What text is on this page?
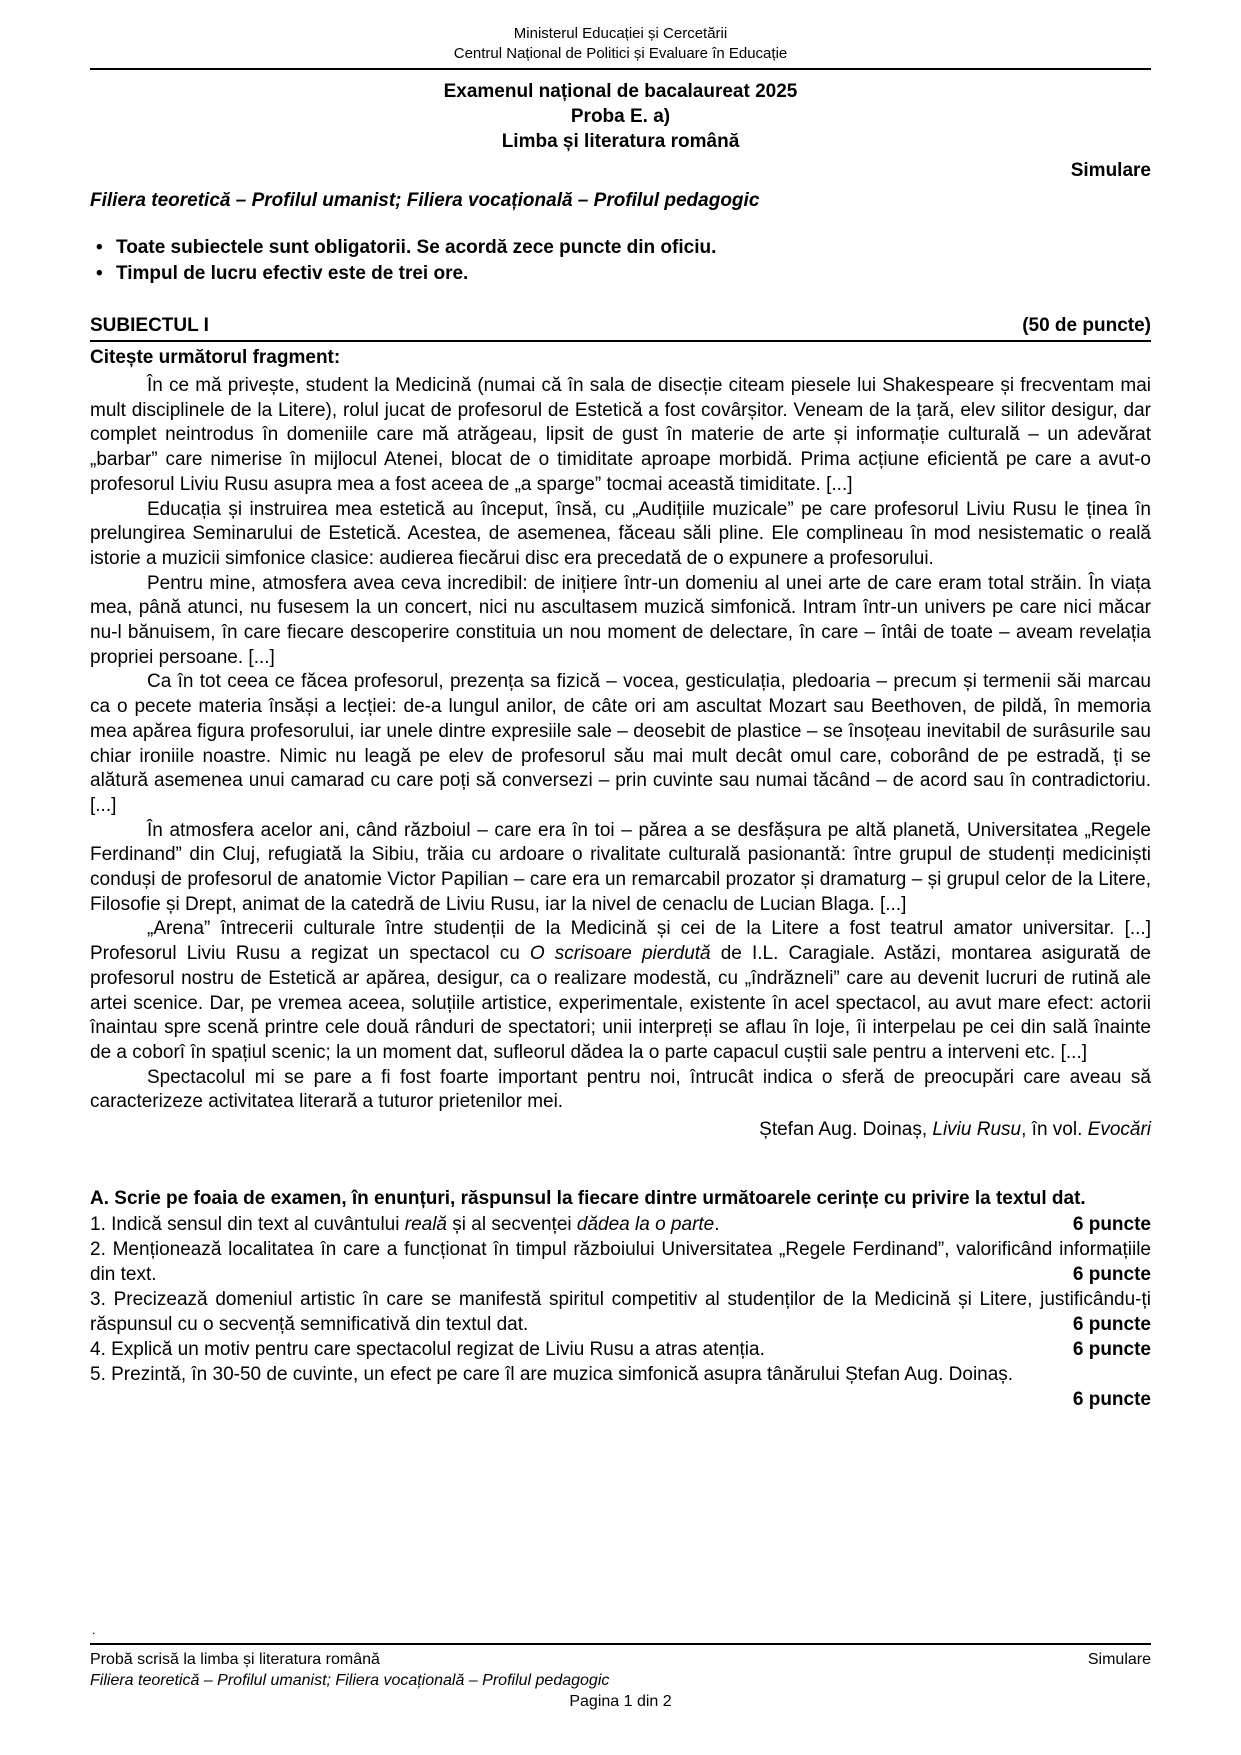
Ministerul Educației și Cercetării
Centrul Național de Politici și Evaluare în Educație
Examenul național de bacalaureat 2025
Proba E. a)
Limba și literatura română
Simulare
Filiera teoretică – Profilul umanist; Filiera vocațională – Profilul pedagogic
• Toate subiectele sunt obligatorii. Se acordă zece puncte din oficiu.
• Timpul de lucru efectiv este de trei ore.
SUBIECTUL I	(50 de puncte)
Citește următorul fragment:
În ce mă privește, student la Medicină (numai că în sala de disecție citeam piesele lui Shakespeare și frecventam mai mult disciplinele de la Litere), rolul jucat de profesorul de Estetică a fost covârșitor. Veneam de la țară, elev silitor desigur, dar complet neintrodus în domeniile care mă atrăgeau, lipsit de gust în materie de arte și informație culturală – un adevărat „barbar” care nimerise în mijlocul Atenei, blocat de o timiditate aproape morbidă. Prima acțiune eficientă pe care a avut-o profesorul Liviu Rusu asupra mea a fost aceea de „a sparge” tocmai această timiditate. [...]
Educația și instruirea mea estetică au început, însă, cu „Audițiile muzicale” pe care profesorul Liviu Rusu le ținea în prelungirea Seminarului de Estetică. Acestea, de asemenea, făceau săli pline. Ele complineau în mod nesistematic o reală istorie a muzicii simfonice clasice: audierea fiecărui disc era precedată de o expunere a profesorului.
Pentru mine, atmosfera avea ceva incredibil: de inițiere într-un domeniu al unei arte de care eram total străin. În viața mea, până atunci, nu fusesem la un concert, nici nu ascultasem muzică simfonică. Intram într-un univers pe care nici măcar nu-l bănuisem, în care fiecare descoperire constituia un nou moment de delectare, în care – întâi de toate – aveam revelația propriei persoane. [...]
Ca în tot ceea ce făcea profesorul, prezența sa fizică – vocea, gesticulația, pledoaria – precum și termenii săi marcau ca o pecete materia însăși a lecției: de-a lungul anilor, de câte ori am ascultat Mozart sau Beethoven, de pildă, în memoria mea apărea figura profesorului, iar unele dintre expresiile sale – deosebit de plastice – se însoțeau inevitabil de surâsurile sau chiar ironiile noastre. Nimic nu leagă pe elev de profesorul său mai mult decât omul care, coborând de pe estradă, ți se alătură asemenea unui camarad cu care poți să conversezi – prin cuvinte sau numai tăcând – de acord sau în contradictoriu. [...]
În atmosfera acelor ani, când războiul – care era în toi – părea a se desfășura pe altă planetă, Universitatea „Regele Ferdinand” din Cluj, refugiată la Sibiu, trăia cu ardoare o rivalitate culturală pasionantă: între grupul de studenți mediciniști conduși de profesorul de anatomie Victor Papilian – care era un remarcabil prozator și dramaturg – și grupul celor de la Litere, Filosofie și Drept, animat de la catedră de Liviu Rusu, iar la nivel de cenaclu de Lucian Blaga. [...]
„Arena” întrecerii culturale între studenții de la Medicină și cei de la Litere a fost teatrul amator universitar. [...] Profesorul Liviu Rusu a regizat un spectacol cu O scrisoare pierdută de I.L. Caragiale. Astăzi, montarea asigurată de profesorul nostru de Estetică ar apărea, desigur, ca o realizare modestă, cu „îndrăzneli” care au devenit lucruri de rutină ale artei scenice. Dar, pe vremea aceea, soluțiile artistice, experimentale, existente în acel spectacol, au avut mare efect: actorii înaintau spre scenă printre cele două rânduri de spectatori; unii interpreți se aflau în loje, îi interpelau pe cei din sală înainte de a coborî în spațiul scenic; la un moment dat, sufleorul dădea la o parte capacul cuștii sale pentru a interveni etc. [...]
Spectacolul mi se pare a fi fost foarte important pentru noi, întrucât indica o sferă de preocupări care aveau să caracterizeze activitatea literară a tuturor prietenilor mei.
Ștefan Aug. Doinaș, Liviu Rusu, în vol. Evocări
A. Scrie pe foaia de examen, în enunțuri, răspunsul la fiecare dintre următoarele cerințe cu privire la textul dat.
1. Indică sensul din text al cuvântului reală și al secvenței dădea la o parte.	6 puncte
2. Menționează localitatea în care a funcționat în timpul războiului Universitatea „Regele Ferdinand”, valorificând informațiile din text.	6 puncte
3. Precizează domeniul artistic în care se manifestă spiritul competitiv al studenților de la Medicină și Litere, justificându-ți răspunsul cu o secvență semnificativă din textul dat.	6 puncte
4. Explică un motiv pentru care spectacolul regizat de Liviu Rusu a atras atenția.	6 puncte
5. Prezintă, în 30-50 de cuvinte, un efect pe care îl are muzica simfonică asupra tânărului Ștefan Aug. Doinaș.
6 puncte
.
Probă scrisă la limba și literatura română	Simulare
Filiera teoretică – Profilul umanist; Filiera vocațională – Profilul pedagogic
Pagina 1 din 2
